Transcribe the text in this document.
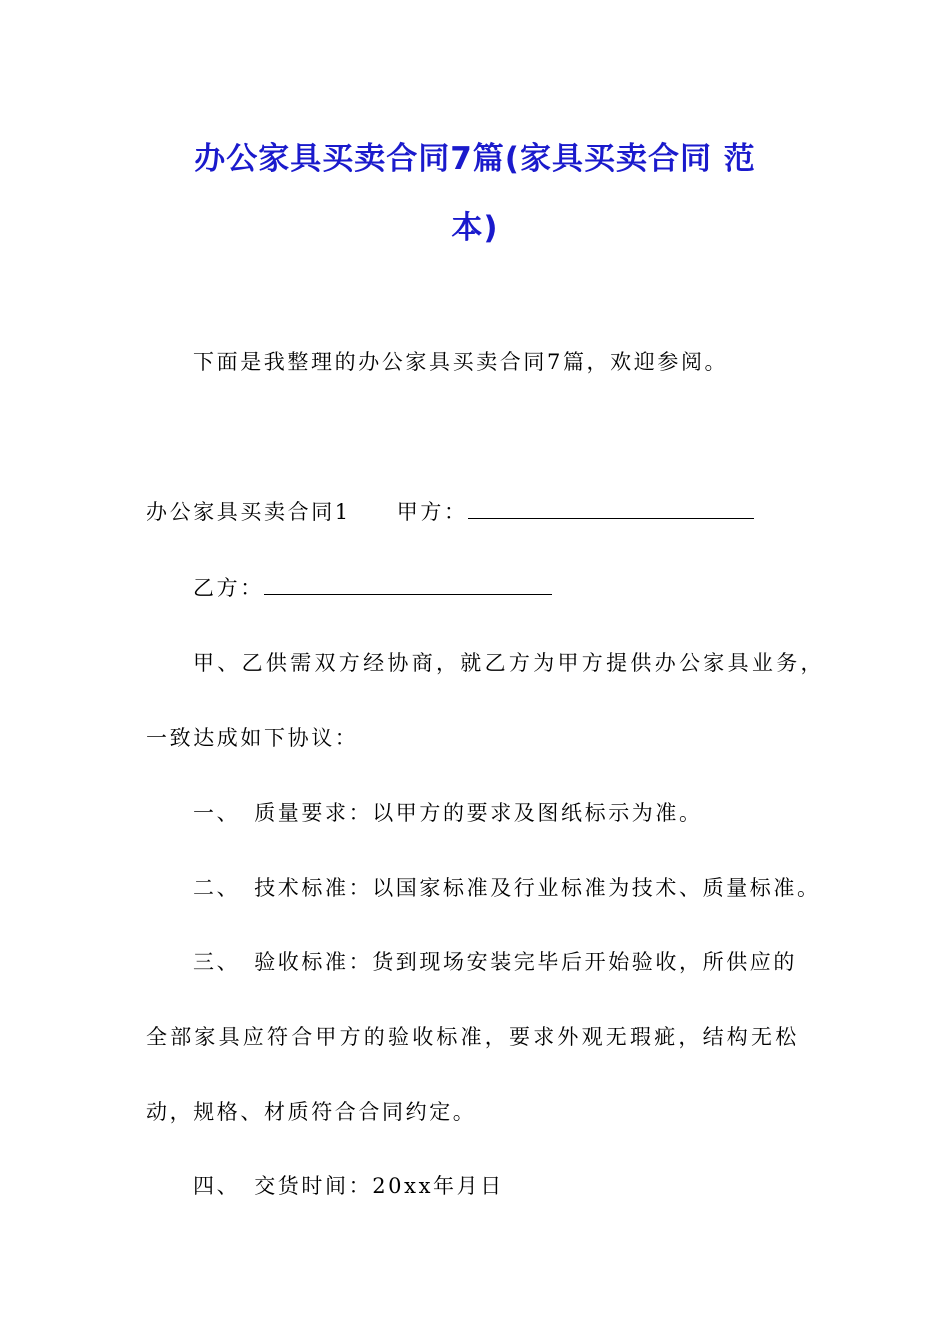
办公家具买卖合同7篇(家具买卖合同 范
本)
下面是我整理的办公家具买卖合同7篇，欢迎参阅。
办公家具买卖合同1 甲方：
乙方：
甲、乙供需双方经协商，就乙方为甲方提供办公家具业务，
一致达成如下协议：
一、 质量要求：以甲方的要求及图纸标示为准。
二、 技术标准：以国家标准及行业标准为技术、质量标准。
三、 验收标准：货到现场安装完毕后开始验收，所供应的
全部家具应符合甲方的验收标准，要求外观无瑕疵，结构无松
动，规格、材质符合合同约定。
四、 交货时间：20xx年月日
